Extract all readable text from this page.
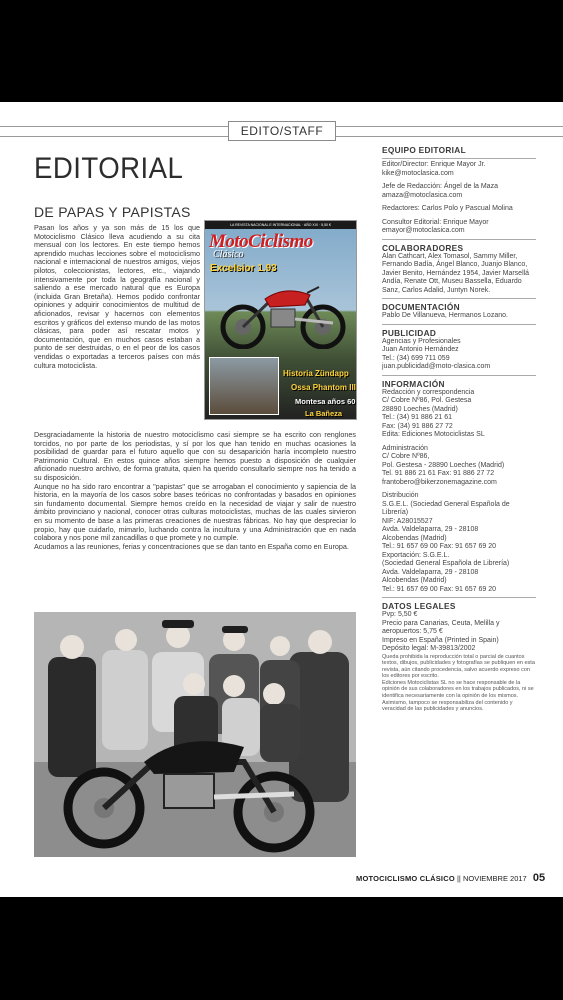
EDITO/STAFF
EDITORIAL
DE PAPAS Y PAPISTAS

Pasan los años y ya son más de 15 los que Motociclismo Clásico lleva acudiendo a su cita mensual con los lectores. En este tiempo hemos aprendido muchas lecciones sobre el motociclismo nacional e internacional de nuestros amigos, viejos pilotos, coleccionistas, lectores, etc., viajando intensivamente por toda la geografía nacional y saliendo a ese mercado natural que es Europa (incluida Gran Bretaña). Hemos podido confrontar opiniones y adquirir conocimientos de multitud de aficionados, revisar y hacernos con elementos escritos y gráficos del extenso mundo de las motos clásicas, para poder así rescatar motos y documentación, que en muchos casos estaban a punto de ser destruidas, o en el peor de los casos vendidas o exportadas a terceros países con más cultura motociclista.

LA REVISTA NACIONAL E INTERNACIONAL · AÑO XIX · 5,50 €
MotoCiclismo
Clásico
Excelsior 1.93
Historia Zündapp
Ossa Phantom III
Montesa años 60
La Bañeza

Desgraciadamente la historia de nuestro motociclismo casi siempre se ha escrito con renglones torcidos, no por parte de los periodistas, y sí por los que han tenido en muchas ocasiones la posibilidad de guardar para el futuro aquello que con su desaparición haría incompleto nuestro Patrimonio Cultural. En estos quince años siempre hemos puesto a disposición de cualquier aficionado nuestro archivo, de forma gratuita, quien ha querido consultarlo siempre nos ha tenido a su disposición.

Aunque no ha sido raro encontrar a "papistas" que se arrogaban el conocimiento y sapiencia de la historia, en la mayoría de los casos sobre bases teóricas no confrontadas y basados en opiniones sin fundamento documental. Siempre hemos creído en la necesidad de viajar y salir de nuestro ámbito provinciano y nacional, conocer otras culturas motociclistas, muchas de las cuales sirvieron en su momento de base a las primeras creaciones de nuestras fábricas. No hay que despreciar lo propio, hay que cuidarlo, mimarlo, luchando contra la incultura y una Administración que en nada colabora y nos pone mil zancadillas o que promete y no cumple.

Acudamos a las reuniones, ferias y concentraciones que se dan tanto en España como en Europa.

EQUIPO EDITORIAL
Editor/Director: Enrique Mayor Jr.
kike@motoclasica.com
Jefe de Redacción: Ángel de la Maza
amaza@motoclasica.com
Redactores: Carlos Polo y Pascual Molina
Consultor Editorial: Enrique Mayor
emayor@motoclasica.com
COLABORADORES
Alan Cathcart, Alex Tomasol, Sammy Miller, Fernando Badía, Ángel Blanco, Juanjo Blanco, Javier Benito, Hernández 1954, Javier Marsellá Andía, Renate Ott, Museu Bassella, Eduardo Sanz, Carlos Adalid, Juntyn Norek.
DOCUMENTACIÓN
Pablo De Villanueva, Hermanos Lozano.
PUBLICIDAD
Agencias y Profesionales
Juan Antonio Hernández
Tel.: (34) 699 711 059
juan.publicidad@moto-clasica.com
INFORMACIÓN
Redacción y correspondencia
C/ Cobre Nº86, Pol. Gestesa
28890 Loeches (Madrid)
Tel.: (34) 91 886 21 61
Fax: (34) 91 886 27 72
Edita: Ediciones Motociclistas SL
Administración
C/ Cobre Nº86,
Pol. Gestesa - 28890 Loeches (Madrid)
Tel. 91 886 21 61 Fax: 91 886 27 72
frantobero@bikerzonemagazine.com
Distribución
S.G.E.L. (Sociedad General Española de Librería)
NIF: A28015527
Avda. Valdelaparra, 29 - 28108
Alcobendas (Madrid)
Tel.: 91 657 69 00 Fax: 91 657 69 20
Exportación: S.G.E.L.
(Sociedad General Española de Librería)
Avda. Valdelaparra, 29 - 28108
Alcobendas (Madrid)
Tel.: 91 657 69 00 Fax: 91 657 69 20
DATOS LEGALES
Pvp: 5,50 €
Precio para Canarias, Ceuta, Melilla y aeropuertos: 5,75 €
Impreso en España (Printed in Spain)
Depósito legal: M-39813/2002
Queda prohibida la reproducción total o parcial de cuantos textos, dibujos, publicidades y fotografías se publiquen en esta revista, aún citando procedencia, salvo acuerdo expreso con los editores por escrito.
Ediciones Motociclistas SL no se hace responsable de la opinión de sus colaboradores en los trabajos publicados, ni se identifica necesariamente con la opinión de los mismos. Asimismo, tampoco se responsabiliza del contenido y veracidad de las publicidades y anuncios.
MOTOCICLISMO CLÁSICO || NOVIEMBRE 2017 05
